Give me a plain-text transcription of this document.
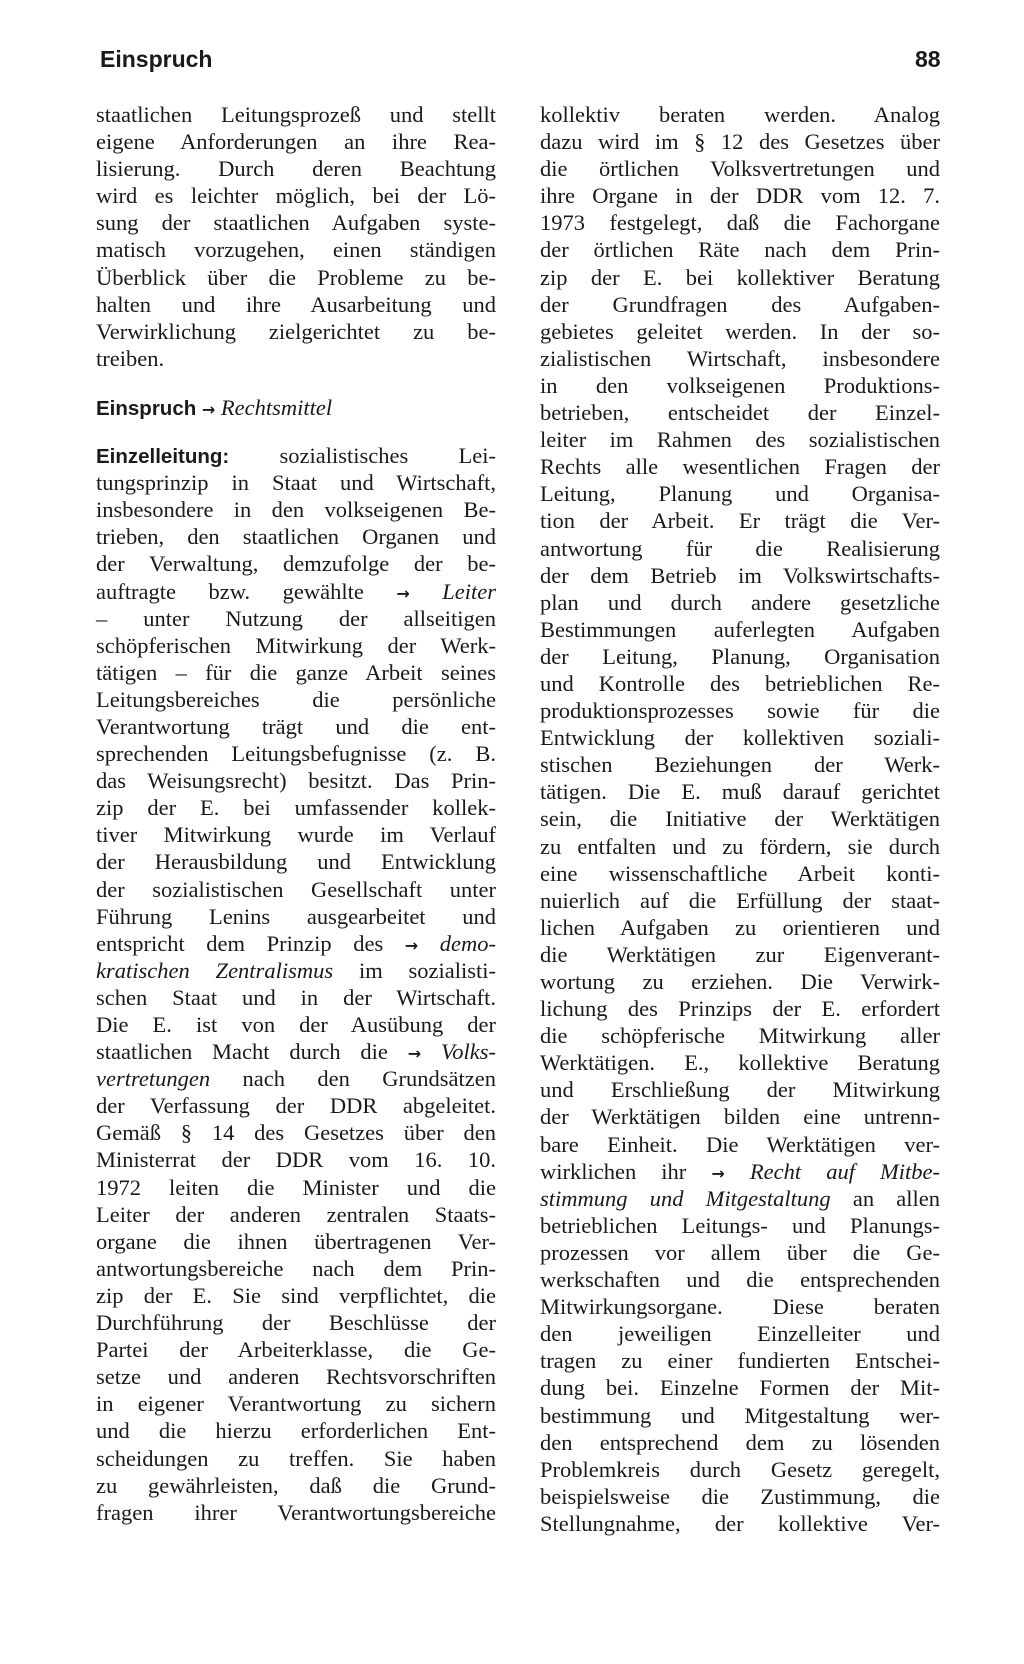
Einspruch	88
staatlichen Leitungsprozeß und stellt
eigene Anforderungen an ihre Rea-
lisierung. Durch deren Beachtung
wird es leichter möglich, bei der Lö-
sung der staatlichen Aufgaben syste-
matisch vorzugehen, einen ständigen
Überblick über die Probleme zu be-
halten und ihre Ausarbeitung und
Verwirklichung zielgerichtet zu be-
treiben.
Einspruch → Rechtsmittel
Einzelleitung: sozialistisches Lei-
tungsprinzip in Staat und Wirtschaft,
insbesondere in den volkseigenen Be-
trieben, den staatlichen Organen und
der Verwaltung, demzufolge der be-
auftragte bzw. gewählte → Leiter
– unter Nutzung der allseitigen
schöpferischen Mitwirkung der Werk-
tätigen – für die ganze Arbeit seines
Leitungsbereiches die persönliche
Verantwortung trägt und die ent-
sprechenden Leitungsbefugnisse (z. B.
das Weisungsrecht) besitzt. Das Prin-
zip der E. bei umfassender kollek-
tiver Mitwirkung wurde im Verlauf
der Herausbildung und Entwicklung
der sozialistischen Gesellschaft unter
Führung Lenins ausgearbeitet und
entspricht dem Prinzip des → demo-
kratischen Zentralismus im sozialisti-
schen Staat und in der Wirtschaft.
Die E. ist von der Ausübung der
staatlichen Macht durch die → Volks-
vertretungen nach den Grundsätzen
der Verfassung der DDR abgeleitet.
Gemäß § 14 des Gesetzes über den
Ministerrat der DDR vom 16. 10.
1972 leiten die Minister und die
Leiter der anderen zentralen Staats-
organe die ihnen übertragenen Ver-
antwortungsbereiche nach dem Prin-
zip der E. Sie sind verpflichtet, die
Durchführung der Beschlüsse der
Partei der Arbeiterklasse, die Ge-
setze und anderen Rechtsvorschriften
in eigener Verantwortung zu sichern
und die hierzu erforderlichen Ent-
scheidungen zu treffen. Sie haben
zu gewährleisten, daß die Grund-
fragen ihrer Verantwortungsbereiche
kollektiv beraten werden. Analog
dazu wird im § 12 des Gesetzes über
die örtlichen Volksvertretungen und
ihre Organe in der DDR vom 12. 7.
1973 festgelegt, daß die Fachorgane
der örtlichen Räte nach dem Prin-
zip der E. bei kollektiver Beratung
der Grundfragen des Aufgaben-
gebietes geleitet werden. In der so-
zialistischen Wirtschaft, insbesondere
in den volkseigenen Produktions-
betrieben, entscheidet der Einzel-
leiter im Rahmen des sozialistischen
Rechts alle wesentlichen Fragen der
Leitung, Planung und Organisa-
tion der Arbeit. Er trägt die Ver-
antwortung für die Realisierung
der dem Betrieb im Volkswirtschafts-
plan und durch andere gesetzliche
Bestimmungen auferlegten Aufgaben
der Leitung, Planung, Organisation
und Kontrolle des betrieblichen Re-
produktionsprozesses sowie für die
Entwicklung der kollektiven soziali-
stischen Beziehungen der Werk-
tätigen. Die E. muß darauf gerichtet
sein, die Initiative der Werktätigen
zu entfalten und zu fördern, sie durch
eine wissenschaftliche Arbeit konti-
nuierlich auf die Erfüllung der staat-
lichen Aufgaben zu orientieren und
die Werktätigen zur Eigenverant-
wortung zu erziehen. Die Verwirk-
lichung des Prinzips der E. erfordert
die schöpferische Mitwirkung aller
Werktätigen. E., kollektive Beratung
und Erschließung der Mitwirkung
der Werktätigen bilden eine untrenn-
bare Einheit. Die Werktätigen ver-
wirklichen ihr → Recht auf Mitbe-
stimmung und Mitgestaltung an allen
betrieblichen Leitungs- und Planungs-
prozessen vor allem über die Ge-
werkschaften und die entsprechenden
Mitwirkungsorgane. Diese beraten
den jeweiligen Einzelleiter und
tragen zu einer fundierten Entschei-
dung bei. Einzelne Formen der Mit-
bestimmung und Mitgestaltung wer-
den entsprechend dem zu lösenden
Problemkreis durch Gesetz geregelt,
beispielsweise die Zustimmung, die
Stellungnahme, der kollektive Ver-
